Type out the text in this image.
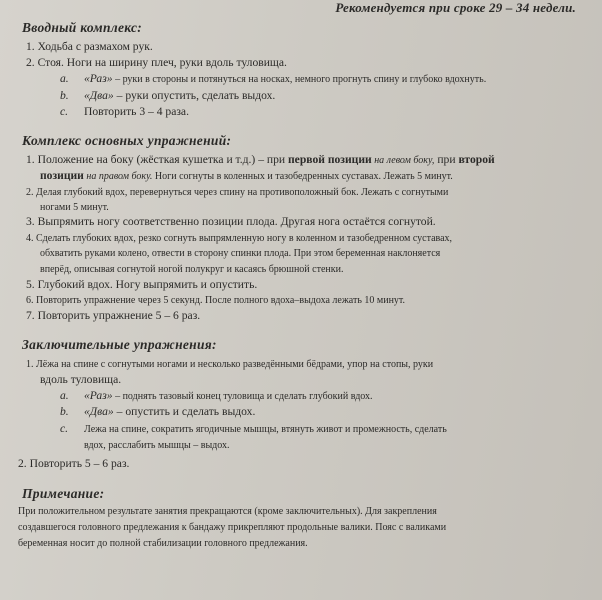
Рекомендуется при сроке 29 – 34 недели.
Вводный комплекс:
1. Ходьба с размахом рук.
2. Стоя. Ноги на ширину плеч, руки вдоль туловища.
a. «Раз» – руки в стороны и потянуться на носках, немного прогнуть спину и глубоко вдохнуть.
b. «Два» – руки опустить, сделать выдох.
c. Повторить 3 – 4 раза.
Комплекс основных упражнений:
1. Положение на боку (жёсткая кушетка и т.д.) – при первой позиции на левом боку, при второй
позиции на правом боку. Ноги согнуты в коленных и тазобедренных суставах. Лежать 5 минут.
2. Делая глубокий вдох, перевернуться через спину на противоположный бок. Лежать с согнутыми
ногами 5 минут.
3. Выпрямить ногу соответственно позиции плода. Другая нога остаётся согнутой.
4. Сделать глубоких вдох, резко согнуть выпрямленную ногу в коленном и тазобедренном суставах,
обхватить руками колено, отвести в сторону спинки плода. При этом беременная наклоняется
вперёд, описывая согнутой ногой полукруг и касаясь брюшной стенки.
5. Глубокий вдох. Ногу выпрямить и опустить.
6. Повторить упражнение через 5 секунд. После полного вдоха–выдоха лежать 10 минут.
7. Повторить упражнение 5 – 6 раз.
Заключительные упражнения:
1. Лёжа на спине с согнутыми ногами и несколько разведёнными бёдрами, упор на стопы, руки
вдоль туловища.
a. «Раз» – поднять тазовый конец туловища и сделать глубокий вдох.
b. «Два» – опустить и сделать выдох.
c. Лежа на спине, сократить ягодичные мышцы, втянуть живот и промежность, сделать
вдох, расслабить мышцы – выдох.
2. Повторить 5 – 6 раз.
Примечание:
При положительном результате занятия прекращаются (кроме заключительных). Для закрепления
создавшегося головного предлежания к бандажу прикрепляют продольные валики. Пояс с валиками
беременная носит до полной стабилизации головного предлежания.
